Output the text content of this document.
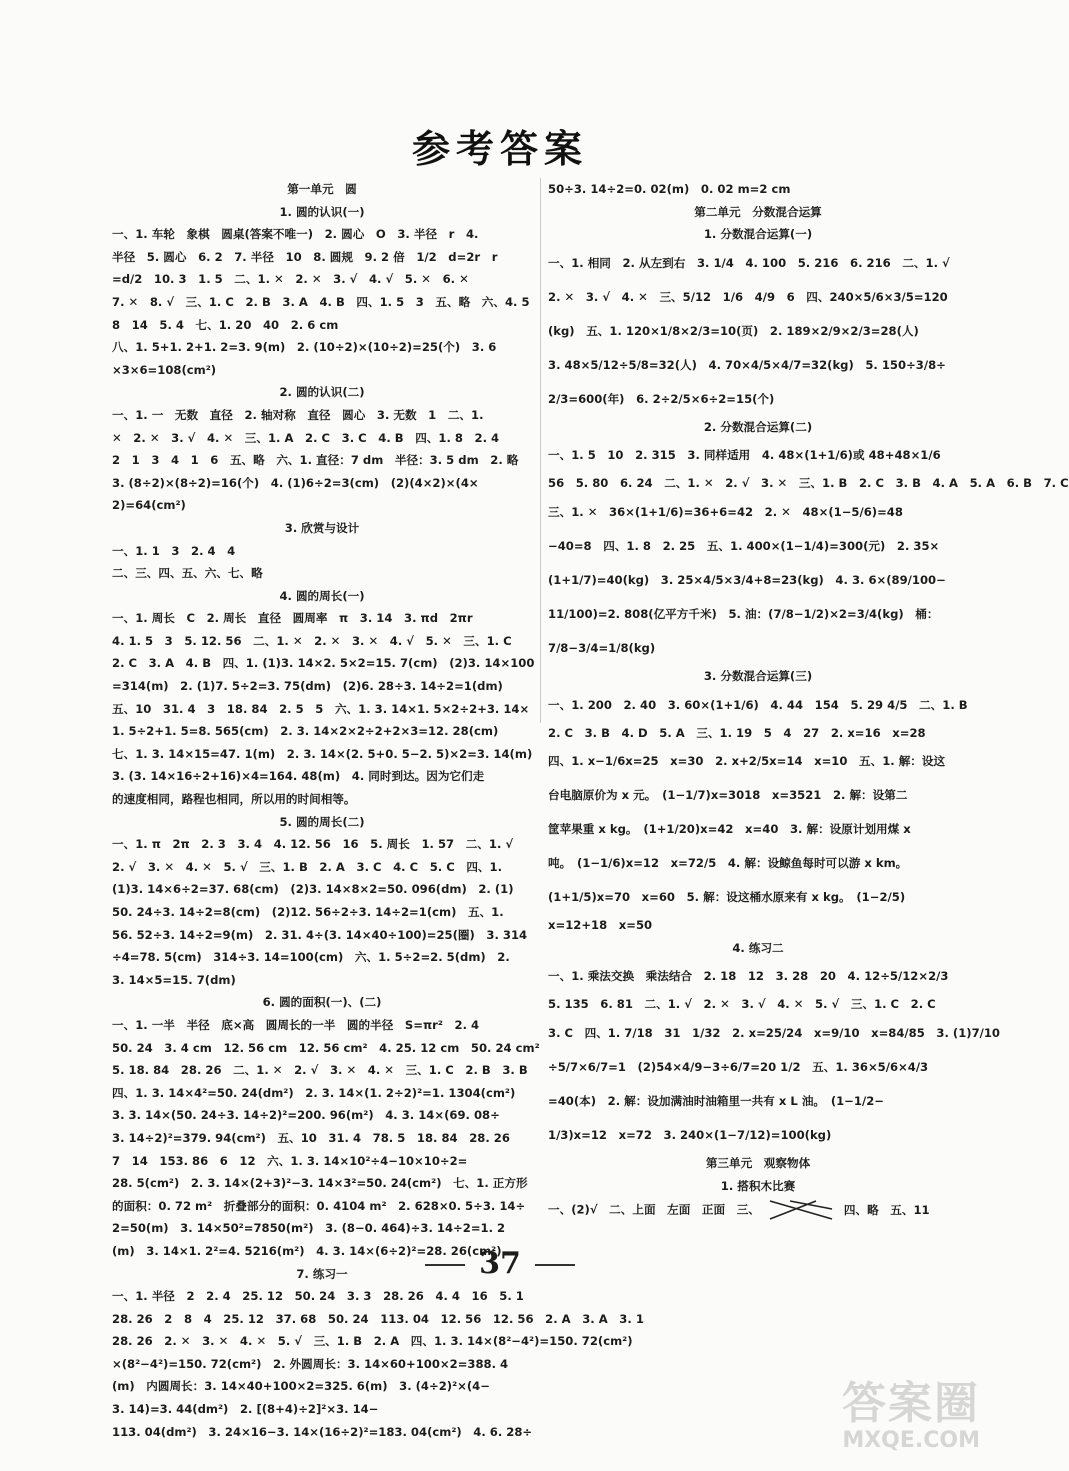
参考答案
第一单元　圆
1. 圆的认识(一)
一、1. 车轮　象棋　圆桌(答案不唯一)　2. 圆心　O　3. 半径　r　4.
半径　5. 圆心　6. 2　7. 半径　10　8. 圆规　9. 2 倍　1/2　d=2r　r
=d/2　10. 3　1. 5　二、1. ✕　2. ✕　3. √　4. √　5. ✕　6. ✕
7. ✕　8. √　三、1. C　2. B　3. A　4. B　四、1. 5　3　五、略　六、4. 5
8　14　5. 4　七、1. 20　40　2. 6 cm
八、1. 5+1. 2+1. 2=3. 9(m)　2. (10÷2)×(10÷2)=25(个)　3. 6
×3×6=108(cm²)
2. 圆的认识(二)
一、1. 一　无数　直径　2. 轴对称　直径　圆心　3. 无数　1　二、1.
✕　2. ✕　3. √　4. ✕　三、1. A　2. C　3. C　4. B　四、1. 8　2. 4
2　1　3　4　1　6　五、略　六、1. 直径：7 dm　半径：3. 5 dm　2. 略
3. (8÷2)×(8÷2)=16(个)　4. (1)6÷2=3(cm)　(2)(4×2)×(4×
2)=64(cm²)
3. 欣赏与设计
一、1. 1　3　2. 4　4
二、三、四、五、六、七、略
4. 圆的周长(一)
一、1. 周长　C　2. 周长　直径　圆周率　π　3. 14　3. πd　2πr
4. 1. 5　3　5. 12. 56　二、1. ✕　2. ✕　3. ✕　4. √　5. ✕　三、1. C
2. C　3. A　4. B　四、1. (1)3. 14×2. 5×2=15. 7(cm)　(2)3. 14×100
=314(m)　2. (1)7. 5÷2=3. 75(dm)　(2)6. 28÷3. 14÷2=1(dm)
五、10　31. 4　3　18. 84　2. 5　5　六、1. 3. 14×1. 5×2÷2+3. 14×
1. 5÷2+1. 5=8. 565(cm)　2. 3. 14×2×2÷2+2×3=12. 28(cm)
七、1. 3. 14×15=47. 1(m)　2. 3. 14×(2. 5+0. 5−2. 5)×2=3. 14(m)
3. (3. 14×16÷2+16)×4=164. 48(m)　4. 同时到达。因为它们走
的速度相同，路程也相同，所以用的时间相等。
5. 圆的周长(二)
一、1. π　2π　2. 3　3. 4　4. 12. 56　16　5. 周长　1. 57　二、1. √
2. √　3. ✕　4. ✕　5. √　三、1. B　2. A　3. C　4. C　5. C　四、1.
(1)3. 14×6÷2=37. 68(cm)　(2)3. 14×8×2=50. 096(dm)　2. (1)
50. 24÷3. 14÷2=8(cm)　(2)12. 56÷2÷3. 14÷2=1(cm)　五、1.
56. 52÷3. 14÷2=9(m)　2. 31. 4÷(3. 14×40÷100)=25(圈)　3. 314
÷4=78. 5(cm)　314÷3. 14=100(cm)　六、1. 5÷2=2. 5(dm)　2.
3. 14×5=15. 7(dm)
6. 圆的面积(一)、(二)
一、1. 一半　半径　底×高　圆周长的一半　圆的半径　S=πr²　2. 4
50. 24　3. 4 cm　12. 56 cm　12. 56 cm²　4. 25. 12 cm　50. 24 cm²
5. 18. 84　28. 26　二、1. ✕　2. √　3. ✕　4. ✕　三、1. C　2. B　3. B
四、1. 3. 14×4²=50. 24(dm²)　2. 3. 14×(1. 2÷2)²=1. 1304(cm²)
3. 3. 14×(50. 24÷3. 14÷2)²=200. 96(m²)　4. 3. 14×(69. 08÷
3. 14÷2)²=379. 94(cm²)　五、10　31. 4　78. 5　18. 84　28. 26
7　14　153. 86　6　12　六、1. 3. 14×10²÷4−10×10÷2=
28. 5(cm²)　2. 3. 14×(2+3)²−3. 14×3²=50. 24(cm²)　七、1. 正方形
的面积：0. 72 m²　折叠部分的面积：0. 4104 m²　2. 628×0. 5÷3. 14÷
2=50(m)　3. 14×50²=7850(m²)　3. (8−0. 464)÷3. 14÷2=1. 2
(m)　3. 14×1. 2²=4. 5216(m²)　4. 3. 14×(6÷2)²=28. 26(cm²)
7. 练习一
一、1. 半径　2　2. 4　25. 12　50. 24　3. 3　28. 26　4. 4　16　5. 1
28. 26　2　8　4　25. 12　37. 68　50. 24　113. 04　12. 56　12. 56　2. A　3. A　3. 1
28. 26　2. ✕　3. ✕　4. ✕　5. √　三、1. B　2. A　四、1. 3. 14×(8²−4²)=150. 72(cm²)
×(8²−4²)=150. 72(cm²)　2. 外圆周长：3. 14×60+100×2=388. 4
(m)　内圆周长：3. 14×40+100×2=325. 6(m)　3. (4÷2)²×(4−
3. 14)=3. 44(dm²)　2. [(8+4)÷2]²×3. 14−
113. 04(dm²)　3. 24×16−3. 14×(16÷2)²=183. 04(cm²)　4. 6. 28÷
50÷3. 14÷2=0. 02(m)　0. 02 m=2 cm
第二单元　分数混合运算
1. 分数混合运算(一)
一、1. 相同　2. 从左到右　3. 1/4　4. 100　5. 216　6. 216　二、1. √
2. ✕　3. √　4. ✕　三、5/12　1/6　4/9　6　四、240×5/6×3/5=120
(kg)　五、1. 120×1/8×2/3=10(页)　2. 189×2/9×2/3=28(人)
3. 48×5/12÷5/8=32(人)　4. 70×4/5×4/7=32(kg)　5. 150÷3/8÷
2/3=600(年)　6. 2÷2/5×6÷2=15(个)
2. 分数混合运算(二)
一、1. 5　10　2. 315　3. 同样适用　4. 48×(1+1/6)或 48+48×1/6
56　5. 80　6. 24　二、1. ✕　2. √　3. ✕　三、1. B　2. C　3. B　4. A　5. A　6. B　7. C
三、1. ✕　36×(1+1/6)=36+6=42　2. ✕　48×(1−5/6)=48
−40=8　四、1. 8　2. 25　五、1. 400×(1−1/4)=300(元)　2. 35×
(1+1/7)=40(kg)　3. 25×4/5×3/4+8=23(kg)　4. 3. 6×(89/100−
11/100)=2. 808(亿平方千米)　5. 油：(7/8−1/2)×2=3/4(kg)　桶：
7/8−3/4=1/8(kg)
3. 分数混合运算(三)
一、1. 200　2. 40　3. 60×(1+1/6)　4. 44　154　5. 29 4/5　二、1. B
2. C　3. B　4. D　5. A　三、1. 19　5　4　27　2. x=16　x=28
四、1. x−1/6x=25　x=30　2. x+2/5x=14　x=10　五、1. 解：设这
台电脑原价为 x 元。　(1−1/7)x=3018　x=3521　2. 解：设第二
筐苹果重 x kg。　(1+1/20)x=42　x=40　3. 解：设原计划用煤 x
吨。　(1−1/6)x=12　x=72/5　4. 解：设鲸鱼每时可以游 x km。
(1+1/5)x=70　x=60　5. 解：设这桶水原来有 x kg。　(1−2/5)
x=12+18　x=50
4. 练习二
一、1. 乘法交换　乘法结合　2. 18　12　3. 28　20　4. 12÷5/12×2/3
5. 135　6. 81　二、1. √　2. ✕　3. √　4. ✕　5. √　三、1. C　2. C
3. C　四、1. 7/18　31　1/32　2. x=25/24　x=9/10　x=84/85　3. (1)7/10
÷5/7×6/7=1　(2)54×4/9−3÷6/7=20 1/2　五、1. 36×5/6×4/3
=40(本)　2. 解：设加满油时油箱里一共有 x L 油。　(1−1/2−
1/3)x=12　x=72　3. 240×(1−7/12)=100(kg)
第三单元　观察物体
1. 搭积木比赛
一、(2)√　二、上面　左面　正面　三、	四、略　五、11
37
答案圈
MXQE.COM
